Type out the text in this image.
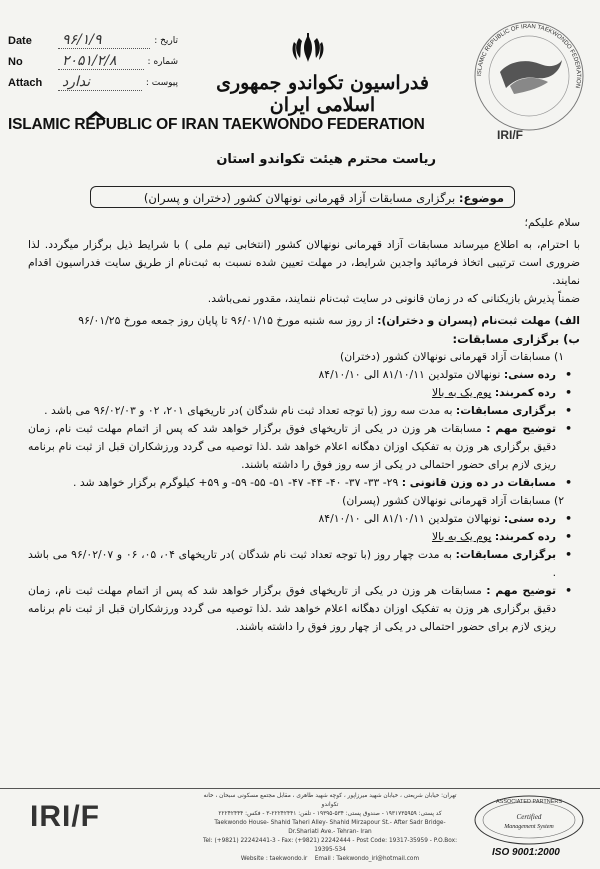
Date	۹۶/۱/۹	تاریخ :
No	۲۰۵۱/۲/۸	شماره :
Attach	ندارد	پیوست :	فدراسیون تکواندو جمهوری اسلامی ایران
ISLAMIC REPUBLIC OF IRAN TAEKWONDO FEDERATION
ISLAMIC REPUBLIC OF IRAN TAEKWONDO FEDERATION
IRI/F
ریاست محترم هیئت تکواندو استان
موضوع: برگزاری مسابقات آزاد قهرمانی نونهالان کشور (دختران و پسران)

سلام علیکم؛

با احترام، به اطلاع میرساند مسابقات آزاد قهرمانی نونهالان کشور (انتخابی تیم ملی ) با شرایط ذیل برگزار میگردد. لذا ضروری است ترتیبی اتخاذ فرمائید واجدین شرایط، در مهلت تعیین شده نسبت به ثبت‌نام از طریق سایت فدراسیون اقدام نمایند.

ضمناً پذیرش بازیکنانی که در زمان قانونی در سایت ثبت‌نام ننمایند، مقدور نمی‌باشد.

الف) مهلت ثبت‌نام (پسران و دختران): از روز سه شنبه مورخ ۹۶/۰۱/۱۵ تا پایان روز جمعه مورخ ۹۶/۰۱/۲۵

ب) برگزاری مسابقات:

۱) مسابقات آزاد قهرمانی نونهالان کشور (دختران)

• رده سنی: نونهالان متولدین ۸۱/۱۰/۱۱ الی ۸۴/۱۰/۱۰

• رده کمربند: پوم یک به بالا

• برگزاری مسابقات: به مدت سه روز (با توجه تعداد ثبت نام شدگان )در تاریخهای ۲۰۱، ۰۲ و ۹۶/۰۲/۰۳ می باشد .

• توضیح مهم : مسابقات هر وزن در یکی از تاریخهای فوق برگزار خواهد شد که پس از اتمام مهلت ثبت نام، زمان دقیق برگزاری هر وزن به تفکیک اوزان دهگانه اعلام خواهد شد .لذا توصیه می گردد ورزشکاران قبل از ثبت نام برنامه ریزی لازم برای حضور احتمالی در یکی از سه روز فوق را داشته باشند.

• مسابقات در ده وزن قانونی : ۲۹- ۳۳- ۳۷- ۴۰- ۴۴- ۴۷- ۵۱- ۵۵- ۵۹- و ۵۹+ کیلوگرم برگزار خواهد شد .

۲) مسابقات آزاد قهرمانی نونهالان کشور (پسران)

• رده سنی: نونهالان متولدین ۸۱/۱۰/۱۱ الی ۸۴/۱۰/۱۰

• رده کمربند: پوم یک به بالا

• برگزاری مسابقات: به مدت چهار روز (با توجه تعداد ثبت نام شدگان )در تاریخهای ۰۴، ۰۵، ۰۶ و ۹۶/۰۲/۰۷ می باشد .

• توضیح مهم : مسابقات هر وزن در یکی از تاریخهای فوق برگزار خواهد شد که پس از اتمام مهلت ثبت نام، زمان دقیق برگزاری هر وزن به تفکیک اوزان دهگانه اعلام خواهد شد .لذا توصیه می گردد ورزشکاران قبل از ثبت نام برنامه ریزی لازم برای حضور احتمالی در یکی از چهار روز فوق را داشته باشند.

IRI/F
تهران: خیابان شریعتی ، خیابان شهید میرزاپور ، کوچه شهید طاهری ، مقابل مجتمع مسکونی سبحان ، خانه تکواندو
کد پستی: ۱۹۳۱۷۳۵۹۵۹ - صندوق پستی: ۵۳۴-۱۹۳۹۵ - تلفن: ۲۲۲۴۲۴۴۱-۳ - فکس: ۲۲۲۴۲۴۴۴
Taekwondo House- Shahid Taheri Alley- Shahid Mirzapour St.- After Sadr Bridge- Dr.Shariati Ave.- Tehran- Iran
Tel: (+9821) 22242441-3 - Fax: (+9821) 22242444 - Post Code: 19317-35959 - P.O.Box: 19395-534
Website : taekwondo.ir Email : Taekwondo_iri@hotmail.com
ASSOCIATED PARTNERS
Certified
Management System
ISO 9001:2000
